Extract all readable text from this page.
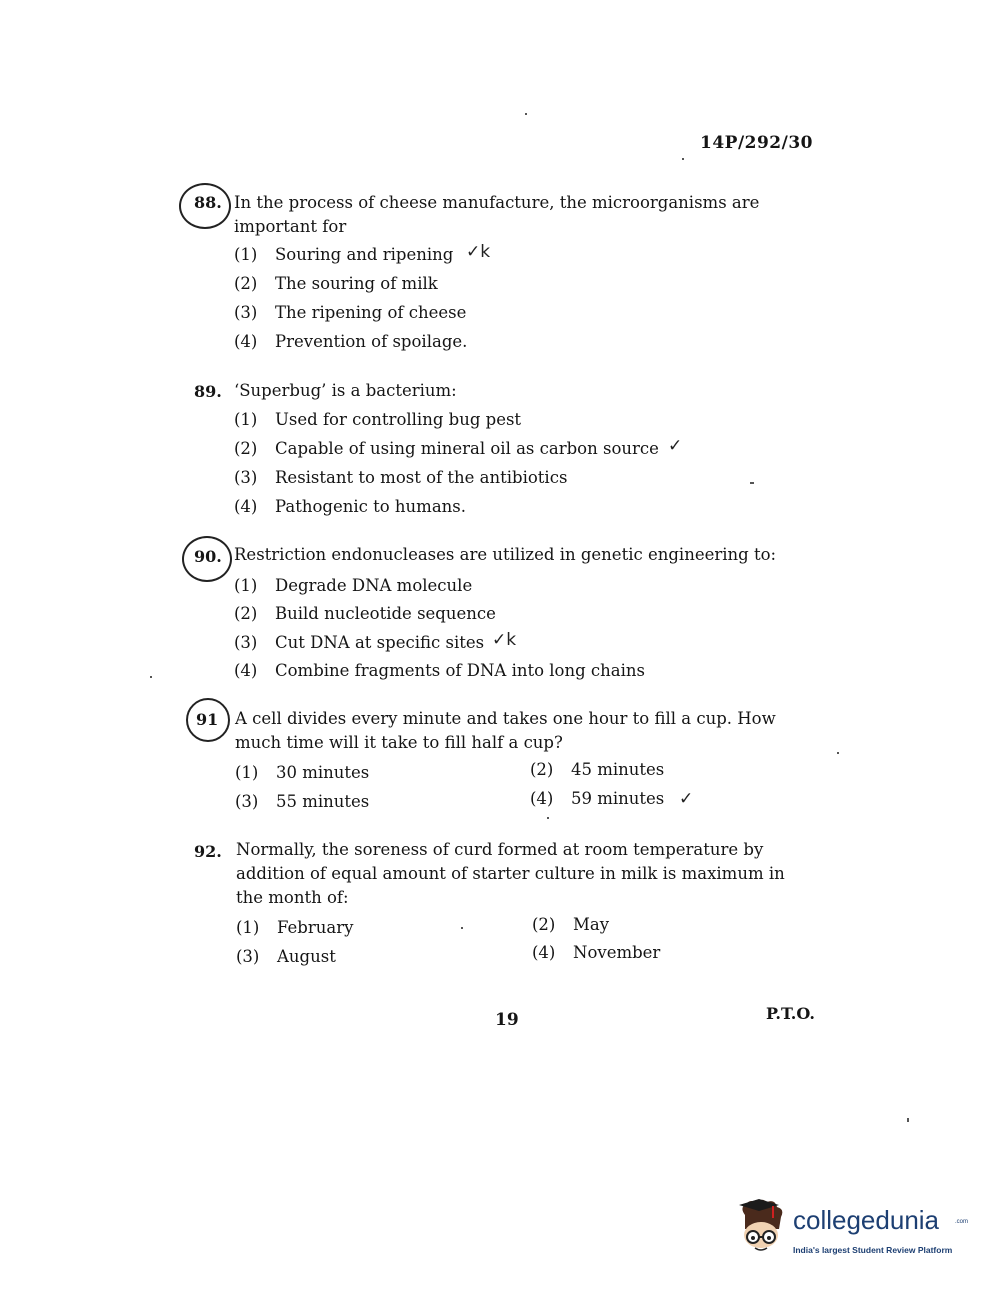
14P/292/30
88. In the process of cheese manufacture, the microorganisms are important for
(1) Souring and ripening ✓k
(2) The souring of milk
(3) The ripening of cheese
(4) Prevention of spoilage.
89. ‘Superbug’ is a bacterium:
(1) Used for controlling bug pest
(2) Capable of using mineral oil as carbon source ✓
(3) Resistant to most of the antibiotics
(4) Pathogenic to humans.
90. Restriction endonucleases are utilized in genetic engineering to:
(1) Degrade DNA molecule
(2) Build nucleotide sequence
(3) Cut DNA at specific sites ✓k
(4) Combine fragments of DNA into long chains
91 A cell divides every minute and takes one hour to fill a cup. How much time will it take to fill half a cup?
(1) 30 minutes	(2) 45 minutes
(3) 55 minutes	(4) 59 minutes ✓
92. Normally, the soreness of curd formed at room temperature by addition of equal amount of starter culture in milk is maximum in the month of:
(1) February	(2) May
(3) August	(4) November
19	P.T.O.
collegedunia	.com
India's largest Student Review Platform
